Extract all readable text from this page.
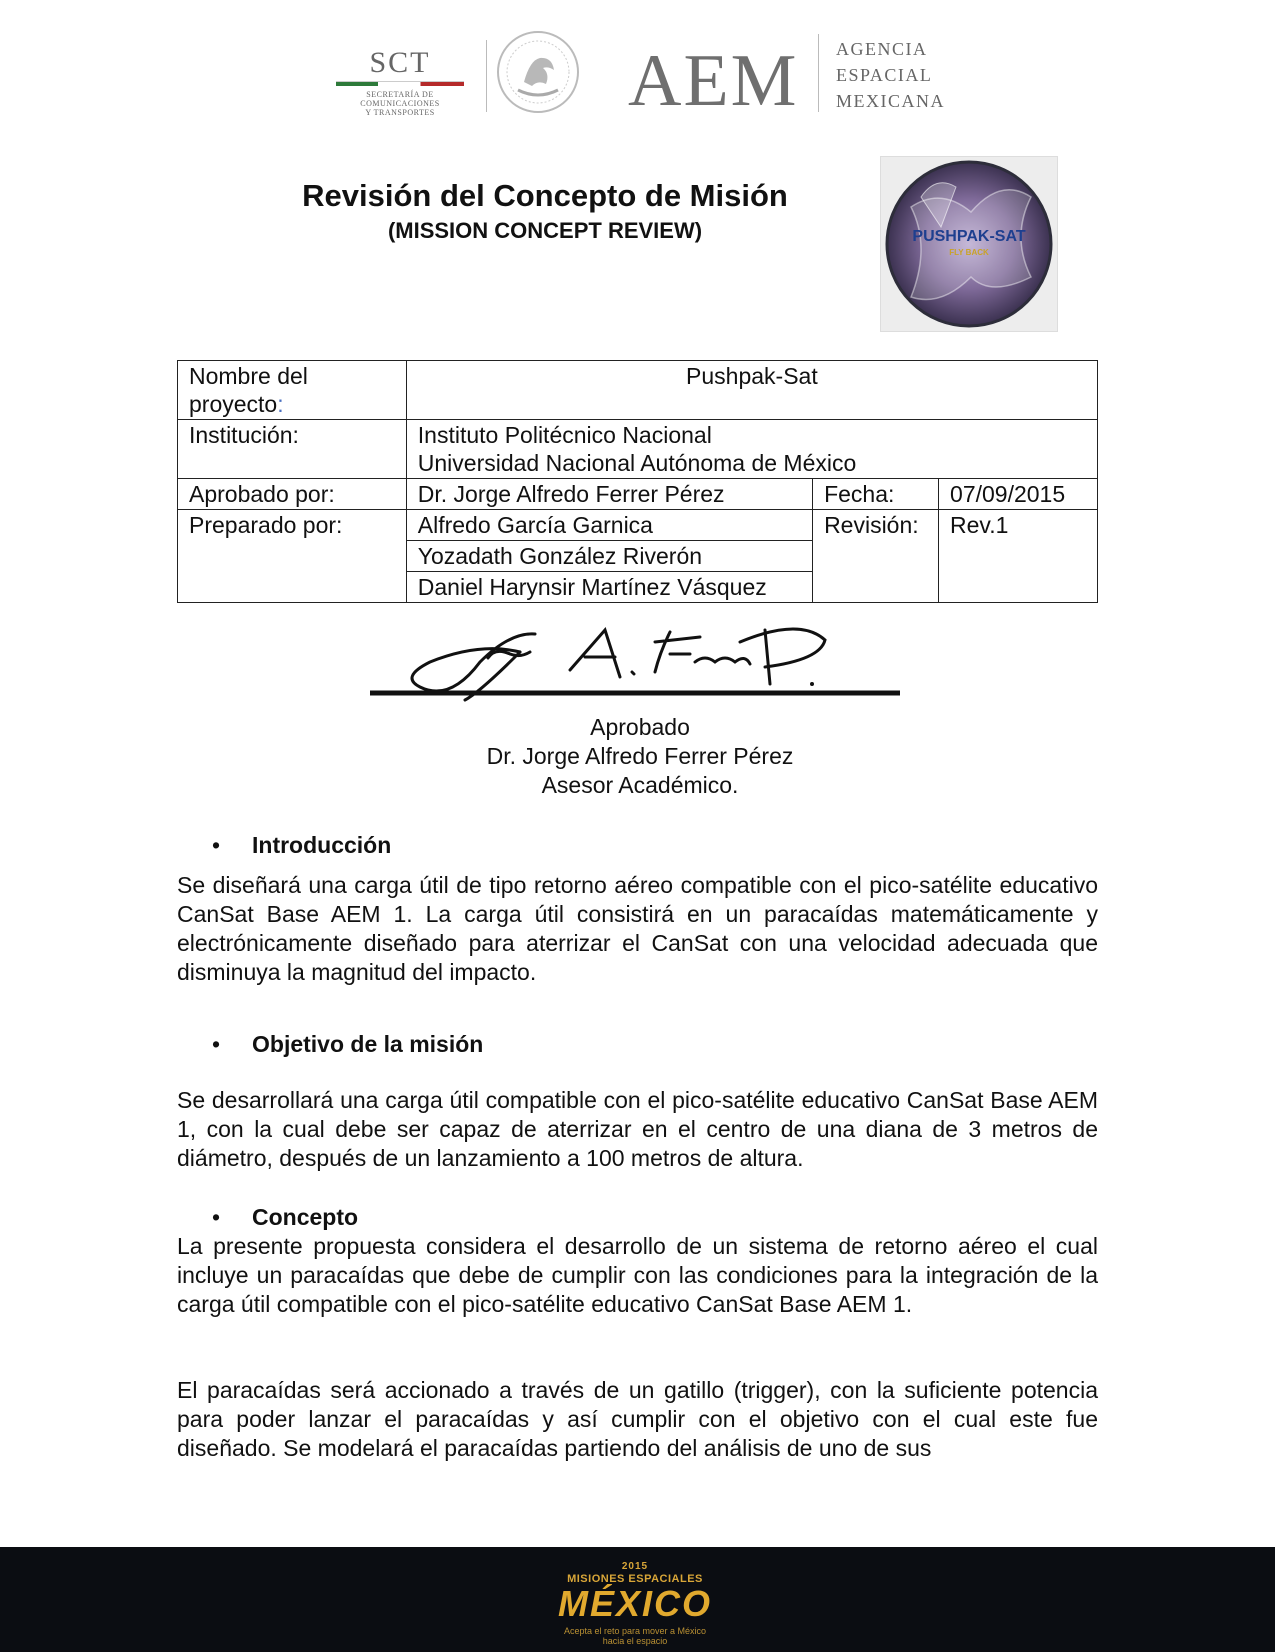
SCT
SECRETARÍA DE
COMUNICACIONES
Y TRANSPORTES	AEM AGENCIA
ESPACIAL
MEXICANA
Revisión del Concepto de Misión
(MISSION CONCEPT REVIEW)	PUSHPAK-SAT
FLY BACK
Nombre del proyecto:	Pushpak-Sat		
Institución:	Instituto Politécnico Nacional
Universidad Nacional Autónoma de México		

Aprobado por:	Dr. Jorge Alfredo Ferrer Pérez	Fecha:	07/09/2015
Preparado por:	Alfredo García Garnica	Revisión:	Rev.1
	Yozadath González Riverón		
	Daniel Harynsir Martínez Vásquez		
Aprobado
Dr. Jorge Alfredo Ferrer Pérez
Asesor Académico.
• Introducción
Se diseñará una carga útil de tipo retorno aéreo compatible con el pico-satélite educativo CanSat Base AEM 1. La carga útil consistirá en un paracaídas matemáticamente y electrónicamente diseñado para aterrizar el CanSat con una velocidad adecuada que disminuya la magnitud del impacto.
• Objetivo de la misión
Se desarrollará una carga útil compatible con el pico-satélite educativo CanSat Base AEM 1, con la cual debe ser capaz de aterrizar en el centro de una diana de 3 metros de diámetro, después de un lanzamiento a 100 metros de altura.
• Concepto
La presente propuesta considera el desarrollo de un sistema de retorno aéreo el cual incluye un paracaídas que debe de cumplir con las condiciones para la integración de la carga útil compatible con el pico-satélite educativo CanSat Base AEM 1.
El paracaídas será accionado a través de un gatillo (trigger), con la suficiente potencia para poder lanzar el paracaídas y así cumplir con el objetivo con el cual este fue diseñado. Se modelará el paracaídas partiendo del análisis de uno de sus
2015
MISIONES ESPACIALES
MÉXICO
Acepta el reto para mover a México
hacia el espacio
